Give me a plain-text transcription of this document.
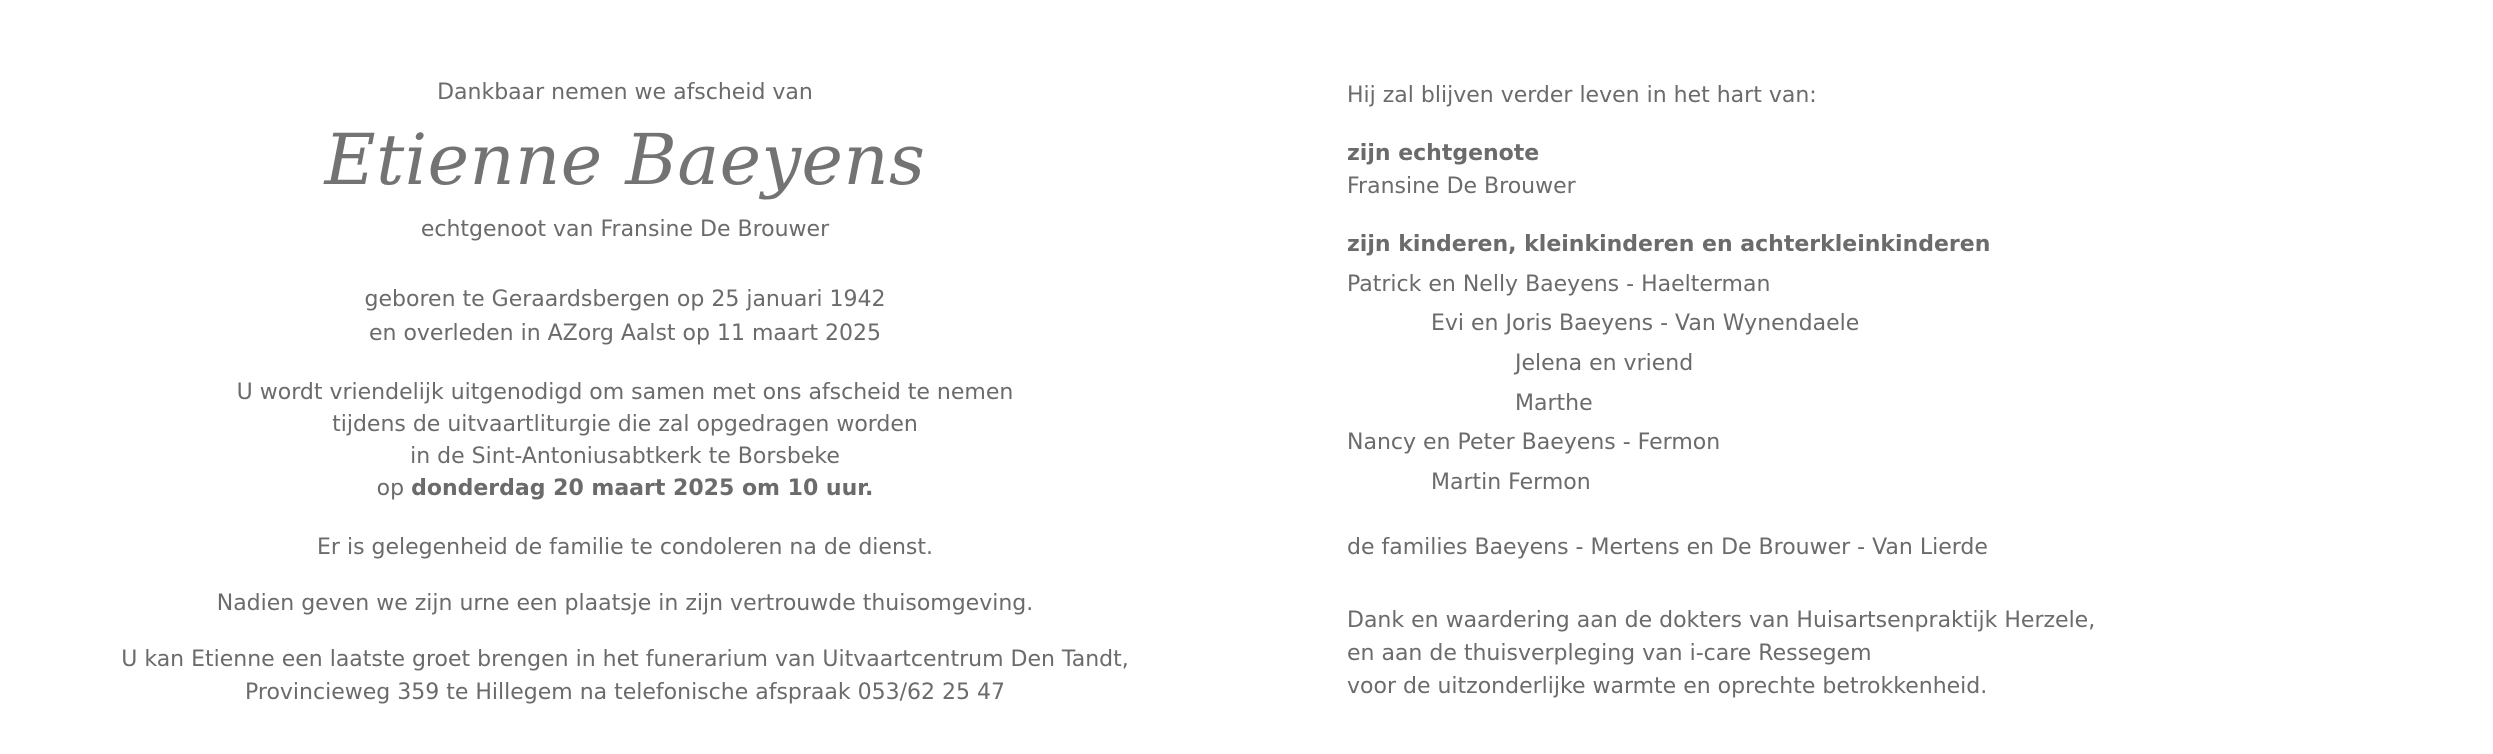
Dankbaar nemen we afscheid van
Etienne Baeyens
echtgenoot van Fransine De Brouwer
geboren te Geraardsbergen op 25 januari 1942
en overleden in AZorg Aalst op 11 maart 2025
U wordt vriendelijk uitgenodigd om samen met ons afscheid te nemen
tijdens de uitvaartliturgie die zal opgedragen worden
in de Sint-Antoniusabtkerk te Borsbeke
op donderdag 20 maart 2025 om 10 uur.
Er is gelegenheid de familie te condoleren na de dienst.
Nadien geven we zijn urne een plaatsje in zijn vertrouwde thuisomgeving.
U kan Etienne een laatste groet brengen in het funerarium van Uitvaartcentrum Den Tandt,
Provincieweg 359 te Hillegem na telefonische afspraak 053/62 25 47
Hij zal blijven verder leven in het hart van:
zijn echtgenote
Fransine De Brouwer
zijn kinderen, kleinkinderen en achterkleinkinderen
Patrick en Nelly Baeyens - Haelterman
Evi en Joris Baeyens - Van Wynendaele
Jelena en vriend
Marthe
Nancy en Peter Baeyens - Fermon
Martin Fermon
de families Baeyens - Mertens en De Brouwer - Van Lierde
Dank en waardering aan de dokters van Huisartsenpraktijk Herzele,
en aan de thuisverpleging van i-care Ressegem
voor de uitzonderlijke warmte en oprechte betrokkenheid.
